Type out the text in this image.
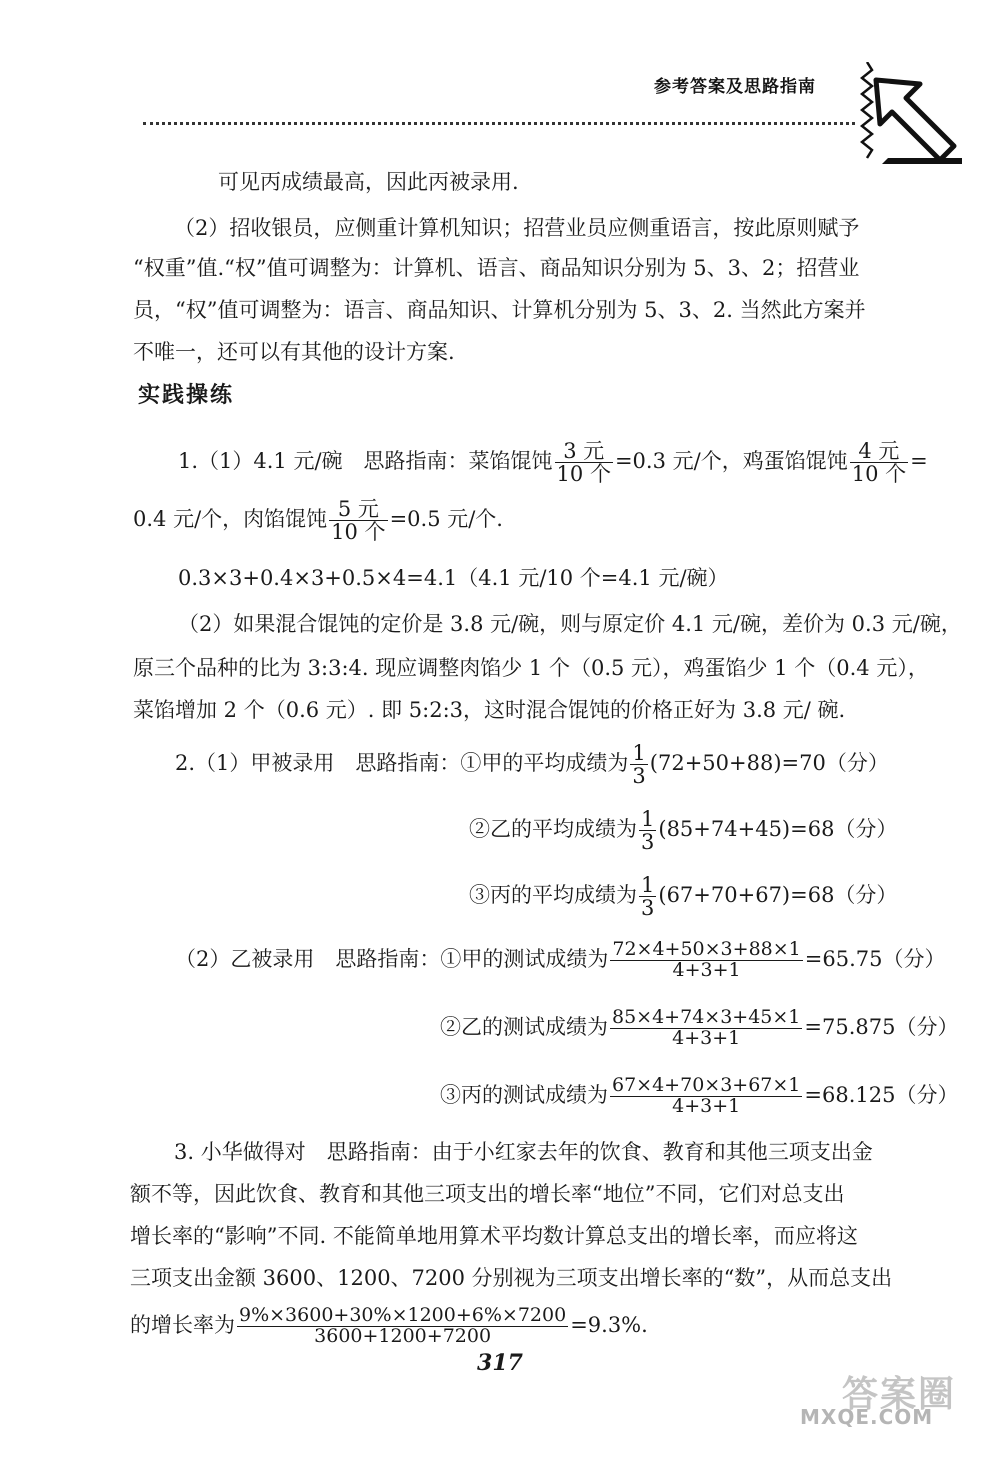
参考答案及思路指南
可见丙成绩最高，因此丙被录用.
（2）招收银员，应侧重计算机知识；招营业员应侧重语言，按此原则赋予
“权重”值.“权”值可调整为：计算机、语言、商品知识分别为 5、3、2；招营业
员，“权”值可调整为：语言、商品知识、计算机分别为 5、3、2. 当然此方案并
不唯一，还可以有其他的设计方案.
实践操练
1.（1）4.1 元/碗　思路指南：菜馅馄饨 $\frac{\text{3 元}}{\text{10 个}} =0.3$ 元/个，鸡蛋馅馄饨 $\frac{\text{4 元}}{\text{10 个}}$ =
0.4 元/个，肉馅馄饨 $\frac{\text{5 元}}{\text{10 个}} =0.5$ 元/个.
0.3×3+0.4×3+0.5×4=4.1（4.1 元/10 个=4.1 元/碗）
（2）如果混合馄饨的定价是 3.8 元/碗，则与原定价 4.1 元/碗，差价为 0.3 元/碗，
原三个品种的比为 3:3:4. 现应调整肉馅少 1 个（0.5 元），鸡蛋馅少 1 个（0.4 元），
菜馅增加 2 个（0.6 元）. 即 5:2:3，这时混合馄饨的价格正好为 3.8 元/ 碗.
2.（1）甲被录用　思路指南：①甲的平均成绩为 $\frac{1}{3} (72+50+88)=70$（分）
②乙的平均成绩为 $\frac{1}{3} (85+74+45)=68$（分）
③丙的平均成绩为 $\frac{1}{3} (67+70+67)=68$（分）
（2）乙被录用　思路指南：①甲的测试成绩为 $\frac{72\times 4+50\times 3+88\times 1}{4+3+1} =65.75$（分）
②乙的测试成绩为 $\frac{85\times 4+74\times 3+45\times 1}{4+3+1} =75.875$（分）
③丙的测试成绩为 $\frac{67\times 4+70\times 3+67\times 1}{4+3+1} =68.125$（分）
3. 小华做得对　思路指南：由于小红家去年的饮食、教育和其他三项支出金
额不等，因此饮食、教育和其他三项支出的增长率“地位”不同，它们对总支出
增长率的“影响”不同. 不能简单地用算术平均数计算总支出的增长率，而应将这
三项支出金额 3600、1200、7200 分别视为三项支出增长率的“数”，从而总支出
的增长率为 $\frac{9\%\times 3600+30\%\times 1200+6\%\times 7200}{3600+1200+7200} =9.3\%$.
317
答案圈
MXQE.COM
